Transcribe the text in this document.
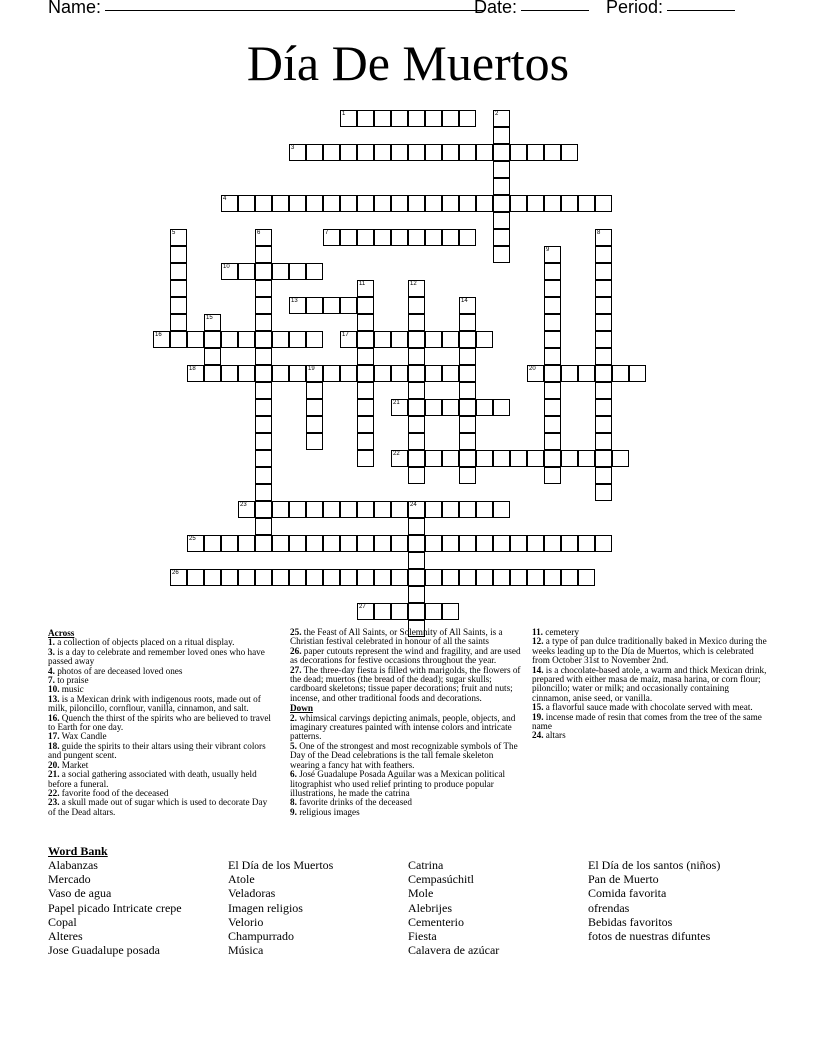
Name:	Date:	Period:
Día De Muertos
1
3
4
7
10
13
16	17
18	19	20
21
22
23	24
25
26
27
2
5	6	8
9
11	12
14
15
Across
1. a collection of objects placed on a ritual display.
3. is a day to celebrate and remember loved ones who have passed away
4. photos of are deceased loved ones
7. to praise
10. music
13. is a Mexican drink with indigenous roots, made out of milk, piloncillo, cornflour, vanilla, cinnamon, and salt.
16. Quench the thirst of the spirits who are believed to travel to Earth for one day.
17. Wax Candle
18. guide the spirits to their altars using their vibrant colors and pungent scent.
20. Market
21. a social gathering associated with death, usually held before a funeral.
22. favorite food of the deceased
23. a skull made out of sugar which is used to decorate Day of the Dead altars.
25. the Feast of All Saints, or Solemnity of All Saints, is a Christian festival celebrated in honour of all the saints
26. paper cutouts represent the wind and fragility, and are used as decorations for festive occasions throughout the year.
27. The three-day fiesta is filled with marigolds, the flowers of the dead; muertos (the bread of the dead); sugar skulls; cardboard skeletons; tissue paper decorations; fruit and nuts; incense, and other traditional foods and decorations.
Down
2. whimsical carvings depicting animals, people, objects, and imaginary creatures painted with intense colors and intricate patterns.
5. One of the strongest and most recognizable symbols of The Day of the Dead celebrations is the tall female skeleton wearing a fancy hat with feathers.
6. José Guadalupe Posada Aguilar was a Mexican political litographist who used relief printing to produce popular illustrations, he made the catrina
8. favorite drinks of the deceased
9. religious images
11. cemetery
12. a type of pan dulce traditionally baked in Mexico during the weeks leading up to the Día de Muertos, which is celebrated from October 31st to November 2nd.
14. is a chocolate-based atole, a warm and thick Mexican drink, prepared with either masa de maíz, masa harina, or corn flour; piloncillo; water or milk; and occasionally containing cinnamon, anise seed, or vanilla.
15. a flavorful sauce made with chocolate served with meat.
19. incense made of resin that comes from the tree of the same name
24. altars
Word Bank
Alabanzas
Mercado
Vaso de agua
Papel picado Intricate crepe
Copal
Alteres
Jose Guadalupe posada
El Día de los Muertos
Atole
Veladoras
Imagen religios
Velorio
Champurrado
Música
Catrina
Cempasúchitl
Mole
Alebrijes
Cementerio
Fiesta
Calavera de azúcar
El Día de los santos (niños)
Pan de Muerto
Comida favorita
ofrendas
Bebidas favoritos
fotos de nuestras difuntes
